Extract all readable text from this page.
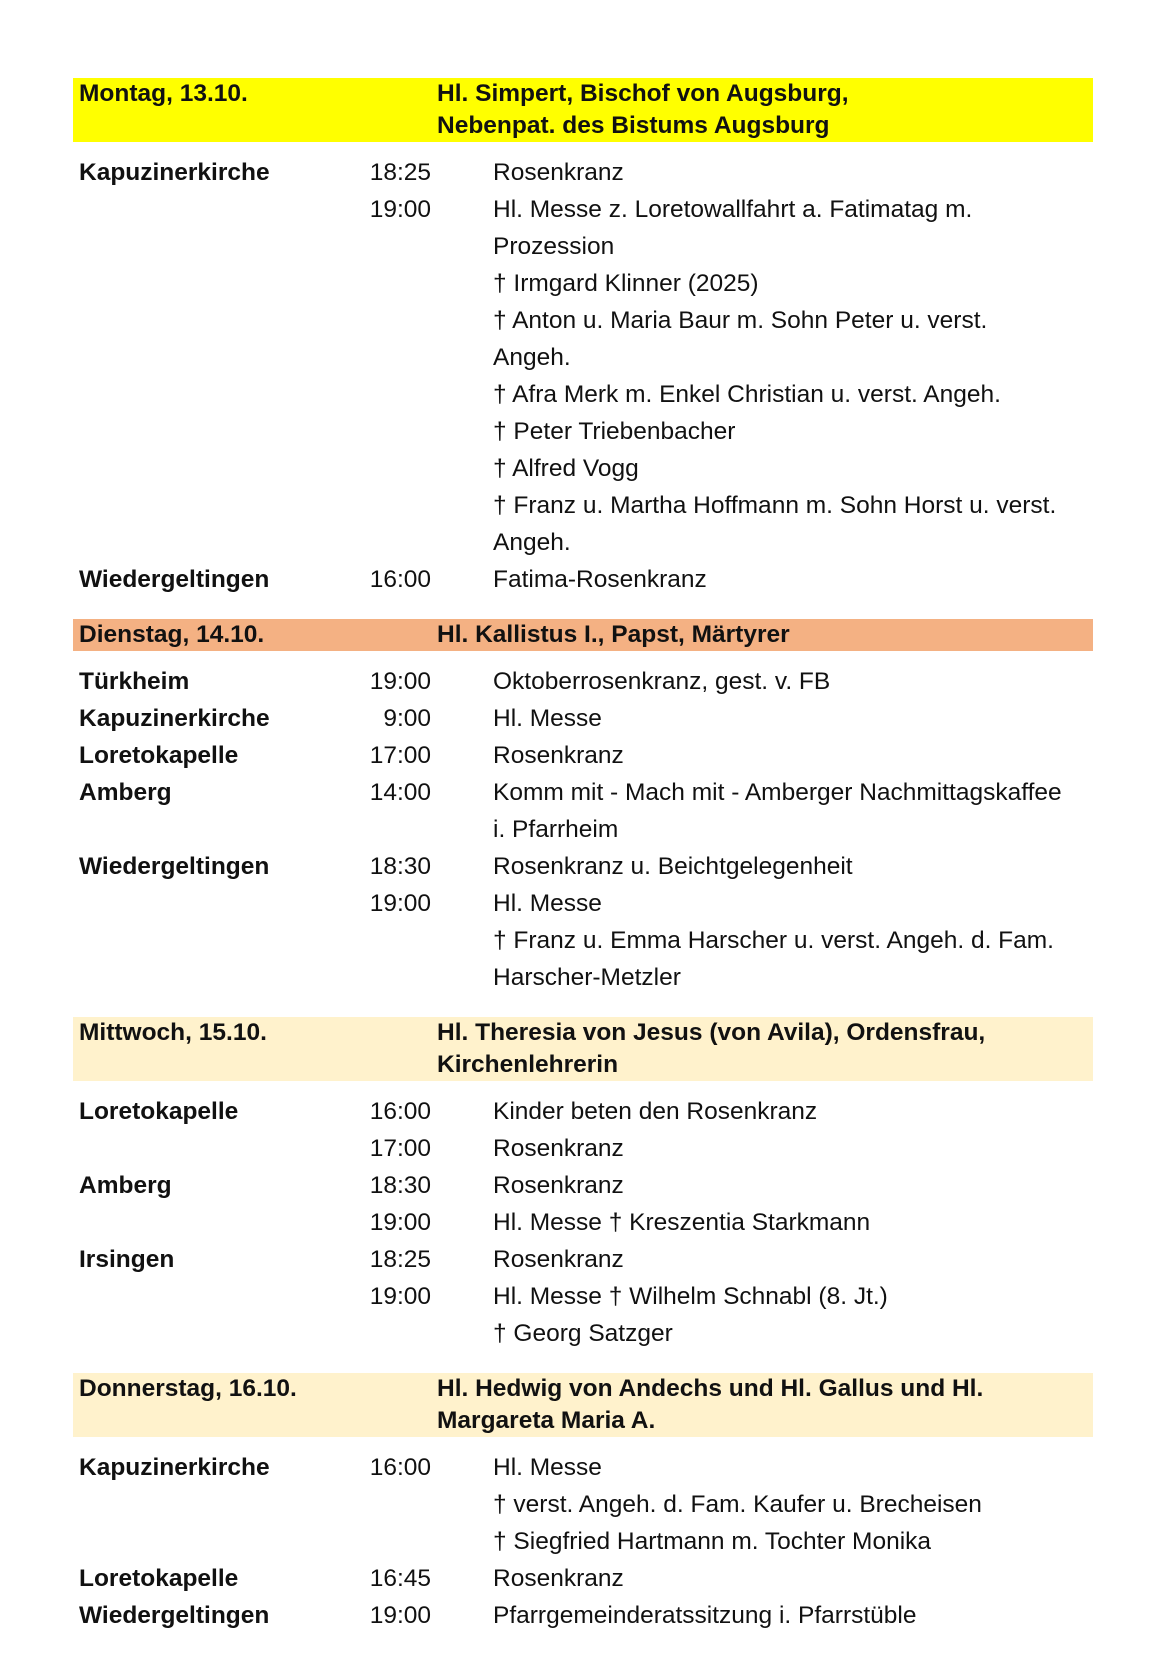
Montag, 13.10.	Hl. Simpert, Bischof von Augsburg,
Nebenpat. des Bistums Augsburg
Kapuzinerkirche	18:25	Rosenkranz
19:00	Hl. Messe z. Loretowallfahrt a. Fatimatag m.
Prozession
† Irmgard Klinner (2025)
† Anton u. Maria Baur m. Sohn Peter u. verst.
Angeh.
† Afra Merk m. Enkel Christian u. verst. Angeh.
† Peter Triebenbacher
† Alfred Vogg
† Franz u. Martha Hoffmann m. Sohn Horst u. verst.
Angeh.
Wiedergeltingen	16:00	Fatima-Rosenkranz
Dienstag, 14.10.	Hl. Kallistus I., Papst, Märtyrer
Türkheim	19:00	Oktoberrosenkranz, gest. v. FB
Kapuzinerkirche	9:00	Hl. Messe
Loretokapelle	17:00	Rosenkranz
Amberg	14:00	Komm mit - Mach mit - Amberger Nachmittagskaffee
i. Pfarrheim
Wiedergeltingen	18:30	Rosenkranz u. Beichtgelegenheit
19:00	Hl. Messe
† Franz u. Emma Harscher u. verst. Angeh. d. Fam.
Harscher-Metzler
Mittwoch, 15.10.	Hl. Theresia von Jesus (von Avila), Ordensfrau,
Kirchenlehrerin
Loretokapelle	16:00	Kinder beten den Rosenkranz
17:00	Rosenkranz
Amberg	18:30	Rosenkranz
19:00	Hl. Messe † Kreszentia Starkmann
Irsingen	18:25	Rosenkranz
19:00	Hl. Messe † Wilhelm Schnabl (8. Jt.)
† Georg Satzger
Donnerstag, 16.10.	Hl. Hedwig von Andechs und Hl. Gallus und Hl.
Margareta Maria A.
Kapuzinerkirche	16:00	Hl. Messe
† verst. Angeh. d. Fam. Kaufer u. Brecheisen
† Siegfried Hartmann m. Tochter Monika
Loretokapelle	16:45	Rosenkranz
Wiedergeltingen	19:00	Pfarrgemeinderatssitzung i. Pfarrstüble
